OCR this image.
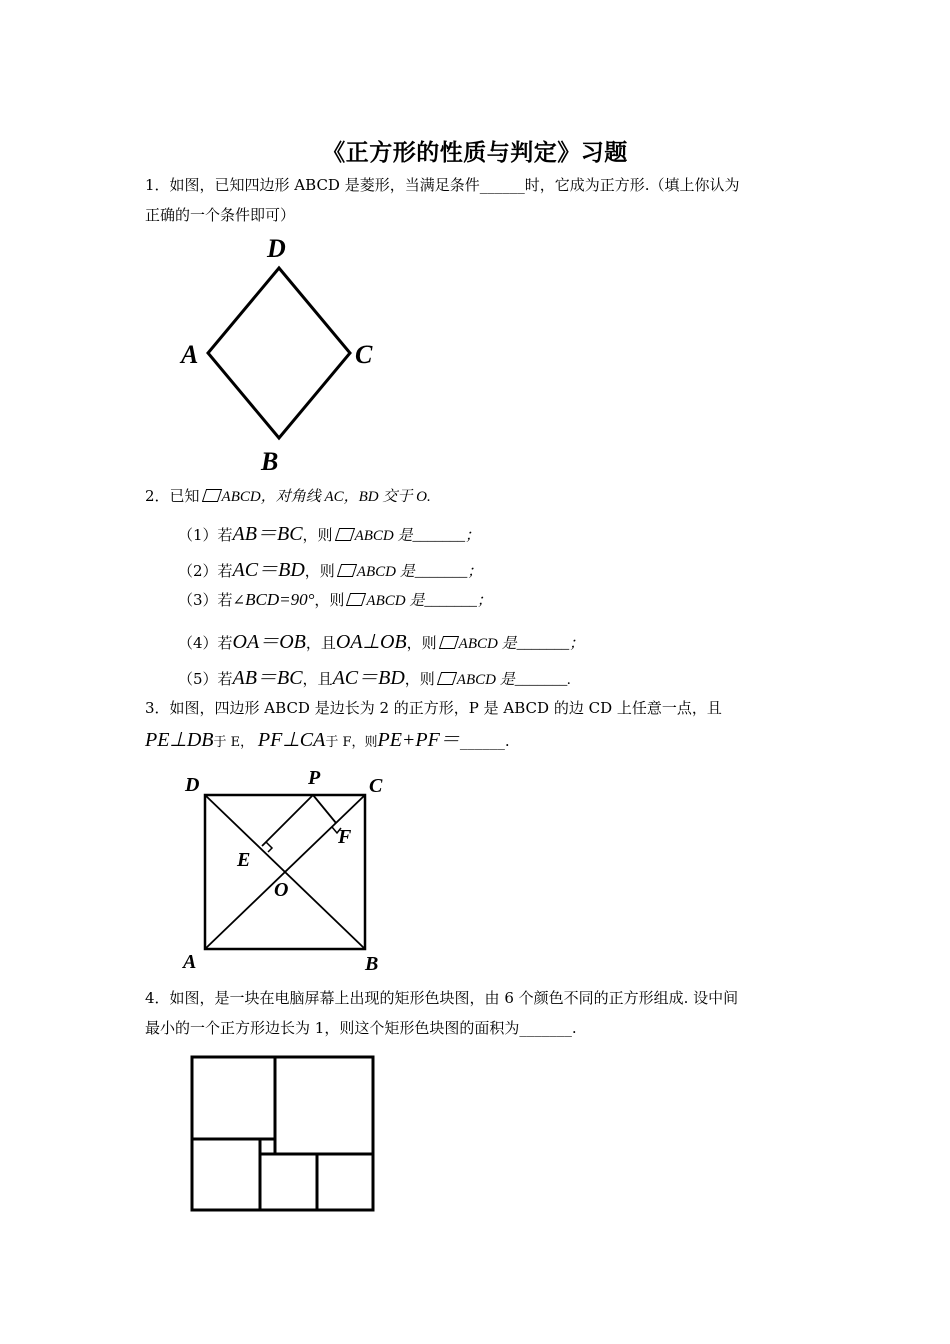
《正方形的性质与判定》习题
1．如图，已知四边形 ABCD 是菱形，当满足条件______时，它成为正方形.（填上你认为
正确的一个条件即可）
D
A	C
B
2．已知 ABCD，对角线 AC，BD 交于 O.
（1）若AB＝BC，则 ABCD 是_______；
（2）若AC＝BD，则 ABCD 是_______；
（3）若∠BCD=90°，则 ABCD 是_______；
（4）若OA＝OB，且OA⊥OB，则 ABCD 是_______；
（5）若AB＝BC，且AC＝BD，则 ABCD 是_______.
3．如图，四边形 ABCD 是边长为 2 的正方形，P 是 ABCD 的边 CD 上任意一点，且
PE⊥DB于 E， PF⊥CA于 F，则PE+PF＝______.
D	P C
F
E
O
A	B
4．如图，是一块在电脑屏幕上出现的矩形色块图，由 6 个颜色不同的正方形组成. 设中间
最小的一个正方形边长为 1，则这个矩形色块图的面积为_______.
